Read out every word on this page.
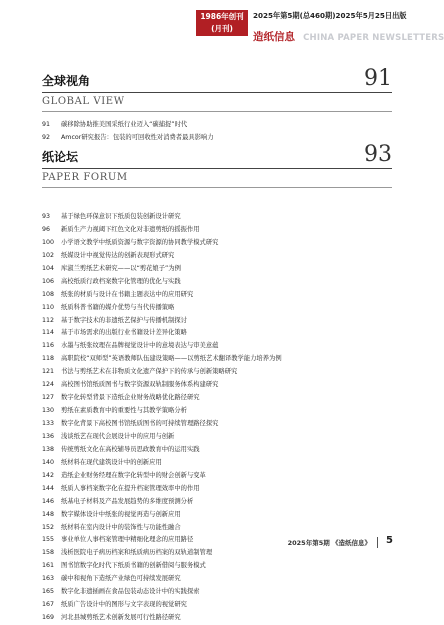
1986年创刊
(月刊)
2025年第5期(总460期)2025年5月25日出版
造纸信息 CHINA PAPER NEWSLETTERS
全球视角	91
GLOBAL VIEW
91 碳移除协助推美国采纸行业迈入“碳捕捉”时代
92 Amcor研究报告：包装的可回收性对消费者最具影响力
纸论坛	93
PAPER FORUM
93 基于绿色环保意识下纸质包装创新设计研究
96 新质生产力视阈下红色文化对非遗剪纸的摇振作用
100 小学语文教学中纸质资源与数字资源的协同教学模式研究
102 纸媒设计中视觉传达的创新表现形式研究
104 库淑兰剪纸艺术研究——以“剪花娘子”为例
106 高校纸质行政档案数字化管理的优化与实践
108 纸张的材质与设计在书籍主题表达中的应用研究
110 纸质科普书籍的媒介优势与当代传播策略
112 基于数字技术的非遗纸艺保护与传播机制探讨
114 基于市场需求的出版行业书籍设计差异化策略
116 水墨与纸张纹理在品牌视觉设计中的意境表达与审美意蕴
118 高职院校“双师型”英语教师队伍建设策略——以剪纸艺术翻译教学能力培养为例
121 书法与剪纸艺术在非物质文化遗产保护下的传承与创新策略研究
124 高校图书馆纸质图书与数字资源双轨制服务体系构建研究
127 数字化转型背景下造纸企业财务战略优化路径研究
130 剪纸在素质教育中的重要性与其教学策略分析
133 数字化背景下高校图书馆纸质图书的可持续管理路径探究
136 浅谈纸艺在现代会展设计中的应用与创新
138 传统剪纸文化在高校辅导员思政教育中的运用实践
140 纸材料在现代建筑设计中的创新应用
142 造纸企业财务经理在数字化转型中的财会创新与变革
144 纸质人事档案数字化在提升档案管理效率中的作用
146 纸基电子材料及产品发展趋势的多维度预测分析
148 数字媒体设计中纸张的视觉再造与创新应用
152 纸材料在室内设计中的装饰性与功能性融合
155 事业单位人事档案管理中精细化理念的应用路径
158 浅析医院电子病历档案和纸质病历档案的双轨道制管理
161 图书馆数字化时代下纸质书籍的创新借阅与服务模式
163 碳中和视角下造纸产业绿色可持续发展研究
165 数字化非遗插画在食品包装动态设计中的实践探索
167 纸质广告设计中的图形与文字表现的视觉研究
169 河北县城剪纸艺术创新发展可行性路径研究
2025年第5期 《造纸信息》 5
